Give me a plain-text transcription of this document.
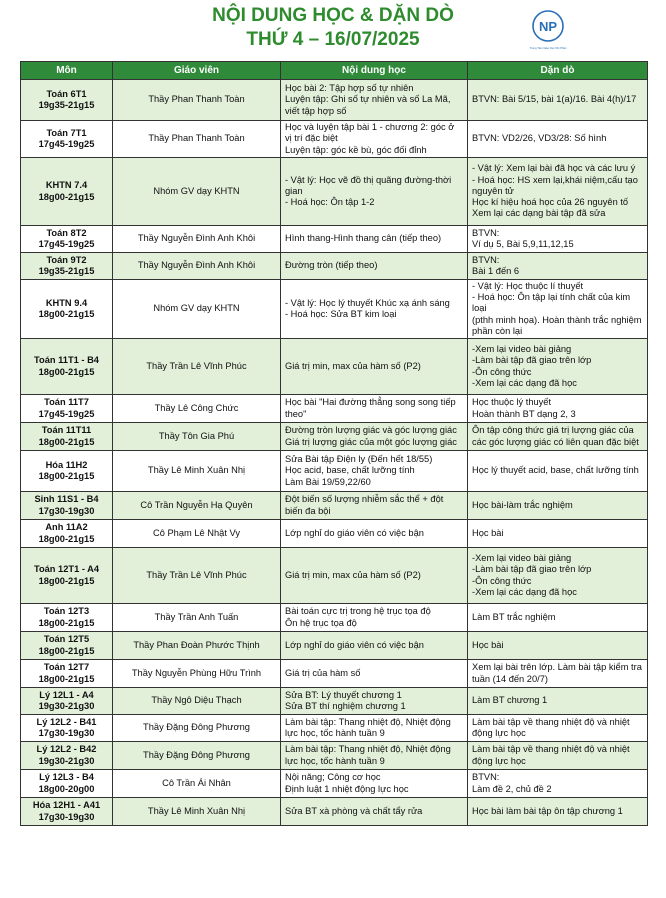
NỘI DUNG HỌC & DẶN DÒ
THỨ 4 – 16/07/2025
NP
Trung Tâm Giáo Dục Nhị Phân
Môn	Giáo viên	Nội dung học	Dặn dò
Toán 6T1
19g35-21g15	Thầy Phan Thanh Toàn	Học bài 2: Tập hợp số tự nhiên
Luyện tập: Ghi số tự nhiên và số La Mã,
viết tập hợp số	BTVN: Bài 5/15, bài 1(a)/16. Bài 4(h)/17
Toán 7T1
17g45-19g25	Thầy Phan Thanh Toàn	Học và luyện tập bài 1 - chương 2: góc ở
vị trí đặc biệt
Luyện tập: góc kề bù, góc đối đỉnh	BTVN: VD2/26, VD3/28: Số hình
KHTN 7.4
18g00-21g15	Nhóm GV dạy KHTN	- Vật lý: Học vẽ đồ thị quãng đường-thời
gian
- Hoá học: Ôn tập 1-2	- Vật lý: Xem lại bài đã học và các lưu ý
- Hoá học: HS xem lại,khái niệm,cấu tạo
nguyên tử
Học kí hiệu hoá học của 26 nguyên tố
Xem lại các dạng bài tập đã sửa
Toán 8T2
17g45-19g25	Thầy Nguyễn Đình Anh Khôi	Hình thang-Hình thang cân (tiếp theo)	BTVN:
Ví dụ 5, Bài 5,9,11,12,15
Toán 9T2
19g35-21g15	Thầy Nguyễn Đình Anh Khôi	Đường tròn (tiếp theo)	BTVN:
Bài 1 đến 6
KHTN 9.4
18g00-21g15	Nhóm GV dạy KHTN	- Vật lý: Học lý thuyết Khúc xạ ánh sáng
- Hoá học: Sửa BT kim loại	- Vật lý: Học thuộc lí thuyết
- Hoá học: Ôn tập lại tính chất của kim loại
(pthh minh họa). Hoàn thành trắc nghiệm
phần còn lại
Toán 11T1 - B4
18g00-21g15	Thầy Trần Lê Vĩnh Phúc	Giá trị min, max của hàm số (P2)	-Xem lại video bài giảng
-Làm bài tập đã giao trên lớp
-Ôn công thức
-Xem lại các dạng đã học
Toán 11T7
17g45-19g25	Thầy Lê Công Chức	Học bài "Hai đường thẳng song song tiếp
theo"	Học thuộc lý thuyết
Hoàn thành BT dạng 2, 3
Toán 11T11
18g00-21g15	Thầy Tôn Gia Phú	Đường tròn lượng giác và góc lượng giác
Giá trị lượng giác của một góc lượng giác	Ôn tập công thức giá trị lượng giác của
các góc lượng giác có liên quan đặc biệt
Hóa 11H2
18g00-21g15	Thầy Lê Minh Xuân Nhị	Sửa Bài tập Điện ly (Đến hết 18/55)
Học acid, base, chất lưỡng tính
Làm Bài 19/59,22/60	Học lý thuyết acid, base, chất lưỡng tính
Sinh 11S1 - B4
17g30-19g30	Cô Trần Nguyễn Hạ Quyên	Đột biến số lượng nhiễm sắc thể + đột
biến đa bội	Học bài-làm trắc nghiệm
Anh 11A2
18g00-21g15	Cô Phạm Lê Nhật Vy	Lớp nghỉ do giáo viên có việc bận	Học bài
Toán 12T1 - A4
18g00-21g15	Thầy Trần Lê Vĩnh Phúc	Giá trị min, max của hàm số (P2)	-Xem lại video bài giảng
-Làm bài tập đã giao trên lớp
-Ôn công thức
-Xem lại các dạng đã học
Toán 12T3
18g00-21g15	Thầy Trần Anh Tuấn	Bài toán cực trị trong hệ trục tọa độ
Ôn hệ trục tọa độ	Làm BT trắc nghiệm
Toán 12T5
18g00-21g15	Thầy Phan Đoàn Phước Thịnh	Lớp nghỉ do giáo viên có việc bận	Học bài
Toán 12T7
18g00-21g15	Thầy Nguyễn Phùng Hữu Trình	Giá trị của hàm số	Xem lại bài trên lớp. Làm bài tập kiểm tra
tuần (14 đến 20/7)
Lý 12L1 - A4
19g30-21g30	Thầy Ngô Diệu Thạch	Sửa BT: Lý thuyết chương 1
Sửa BT thí nghiệm chương 1	Làm BT chương 1
Lý 12L2 - B41
17g30-19g30	Thầy Đặng Đông Phương	Làm bài tập: Thang nhiệt độ, Nhiệt động
lực học, tốc hành tuần 9	Làm bài tập về thang nhiệt độ và nhiệt
động lực học
Lý 12L2 - B42
19g30-21g30	Thầy Đặng Đông Phương	Làm bài tập: Thang nhiệt độ, Nhiệt động
lực học, tốc hành tuần 9	Làm bài tập về thang nhiệt độ và nhiệt
động lực học
Lý 12L3 - B4
18g00-20g00	Cô Trần Ái Nhân	Nội năng; Công cơ học
Định luật 1 nhiệt động lực học	BTVN:
Làm đề 2, chủ đề 2
Hóa 12H1 - A41
17g30-19g30	Thầy Lê Minh Xuân Nhị	Sửa BT xà phòng và chất tẩy rửa	Học bài làm bài tập ôn tập chương 1
